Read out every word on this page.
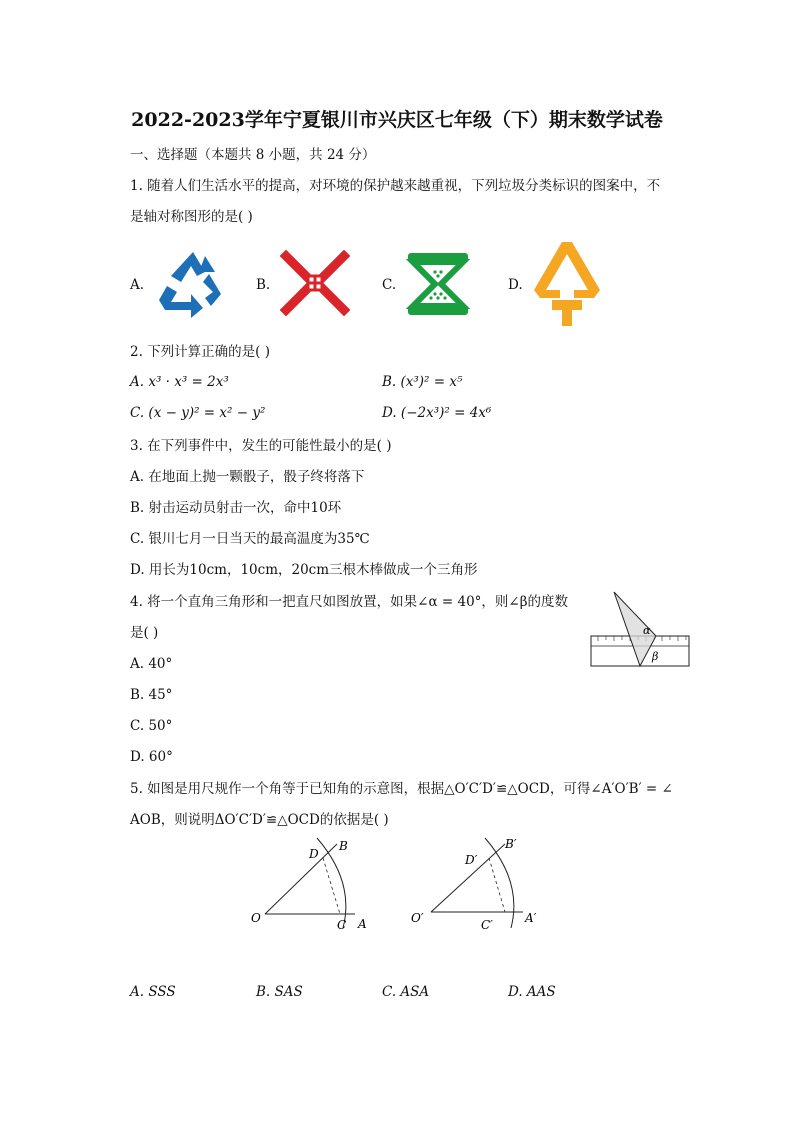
2022-2023学年宁夏银川市兴庆区七年级（下）期末数学试卷
一、选择题（本题共 8 小题，共 24 分）
1. 随着人们生活水平的提高，对环境的保护越来越重视，下列垃圾分类标识的图案中，不
是轴对称图形的是( )
A.	B.	C.	D.
2. 下列计算正确的是( )
A. x³ · x³ = 2x³	B. (x³)² = x⁵
C. (x − y)² = x² − y²	D. (−2x³)² = 4x⁶
3. 在下列事件中，发生的可能性最小的是( )
A. 在地面上抛一颗骰子，骰子终将落下
B. 射击运动员射击一次，命中10环
C. 银川七月一日当天的最高温度为35℃
D. 用长为10cm，10cm，20cm三根木棒做成一个三角形
4. 将一个直角三角形和一把直尺如图放置，如果∠α = 40°，则∠β的度数
是( )
A. 40°
B. 45°
C. 50°
D. 60°
α
β
5. 如图是用尺规作一个角等于已知角的示意图，根据△O′C′D′≌△OCD，可得∠A′O′B′ = ∠
AOB，则说明ΔO′C′D′≌△OCD的依据是( )
O	C A
D
B
O′	C′	A′
D′
B′
A. SSS	B. SAS	C. ASA	D. AAS
